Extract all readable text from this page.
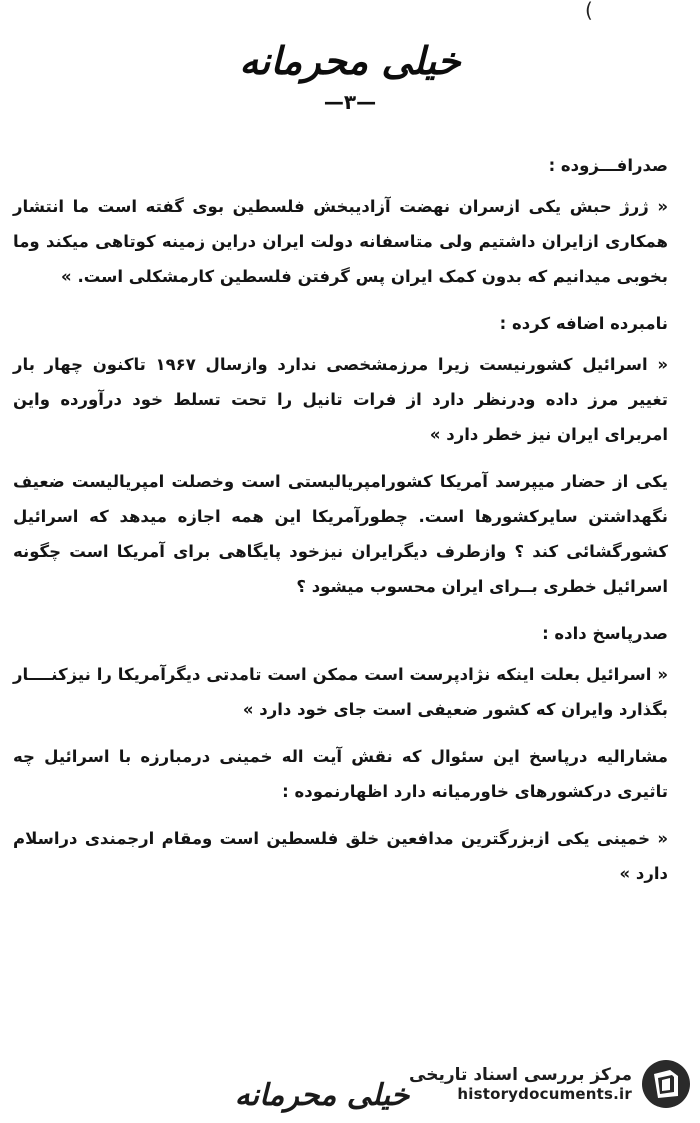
(
خیلی محرمانه
—۳—

صدرافـــزوده :

« ژرژ حبش یکی ازسران نهضت آزادیبخش فلسطین بوی گفته است ما انتشار همکاری ازایران داشتیم ولی متاسفانه دولت ایران دراین زمینه کوتاهی میکند وما بخوبی میدانیم که بدون کمک ایران پس گرفتن فلسطین کارمشکلی است. »

نامبرده اضافه کرده :

« اسرائیل کشورنیست زیرا مرزمشخصی ندارد وازسال ۱۹۶۷ تاکنون چهار بار تغییر مرز داده ودرنظر دارد از فرات تانیل را تحت تسلط خود درآورده واین امربرای ایران نیز خطر دارد »

یکی از حضار میپرسد آمریکا کشورامپریالیستی است وخصلت امپریالیست ضعیف نگهداشتن سایرکشورها است. چطورآمریکا این همه اجازه میدهد که اسرائیل کشورگشائی کند ؟ وازطرف دیگرایران نیزخود پایگاهی برای آمریکا است چگونه اسرائیل خطری بــرای ایران محسوب میشود ؟

صدرپاسخ داده :

« اسرائیل بعلت اینکه نژادپرست است ممکن است تامدتی دیگرآمریکا را نیزکنــــار بگذارد وایران که کشور ضعیفی است جای خود دارد »

مشارالیه درپاسخ این سئوال که نقش آیت اله خمینی درمبارزه با اسرائیل چه تاثیری درکشورهای خاورمیانه دارد اظهارنموده :

« خمینی یکی ازبزرگترین مدافعین خلق فلسطین است ومقام ارجمندی دراسلام دارد »

خیلی محرمانه
مرکز بررسی اسناد تاریخی
historydocuments.ir
